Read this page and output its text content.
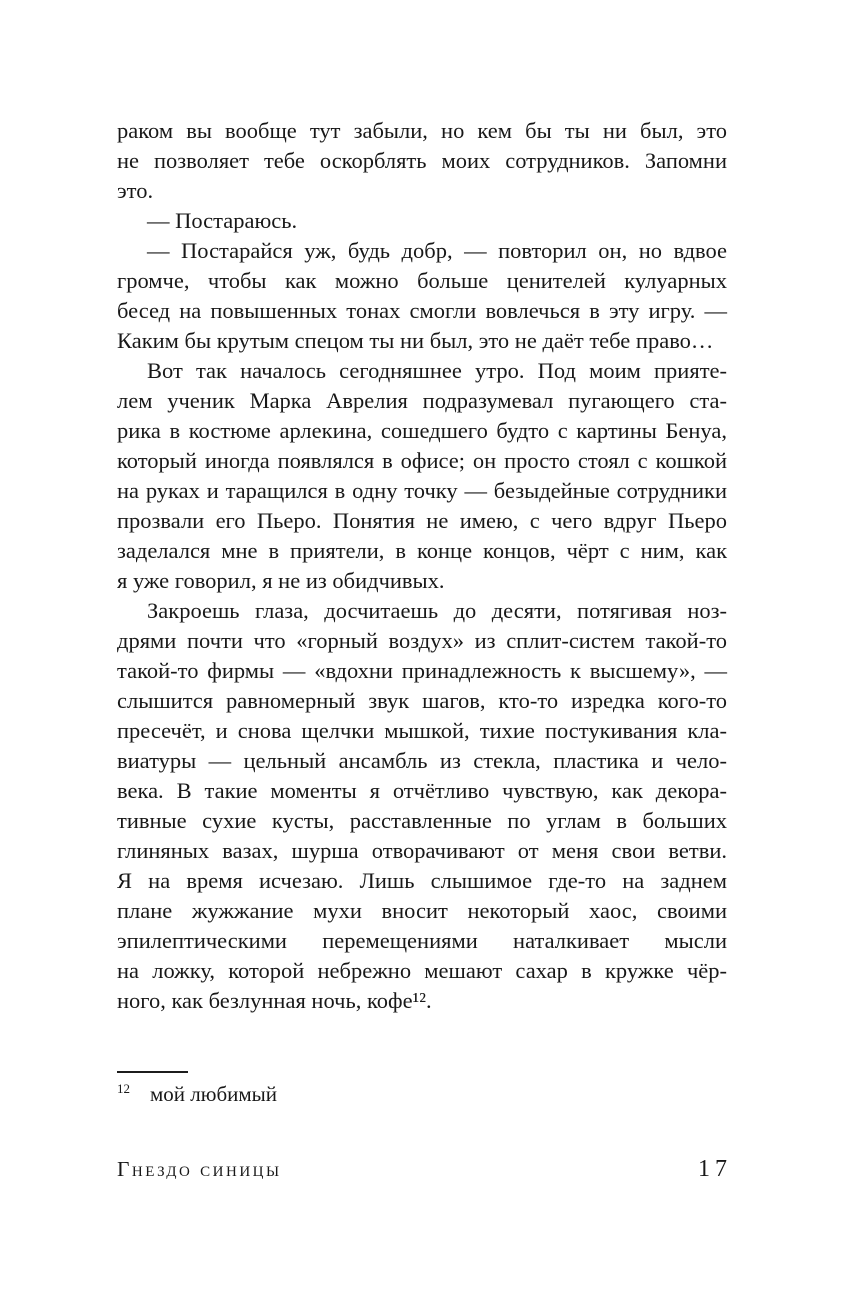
раком вы вообще тут забыли, но кем бы ты ни был, это
не позволяет тебе оскорблять моих сотрудников. Запомни
это.
— Постараюсь.
— Постарайся уж, будь добр, — повторил он, но вдвое
громче, чтобы как можно больше ценителей кулуарных
бесед на повышенных тонах смогли вовлечься в эту игру. —
Каким бы крутым спецом ты ни был, это не даёт тебе право…
Вот так началось сегодняшнее утро. Под моим прияте-
лем ученик Марка Аврелия подразумевал пугающего ста-
рика в костюме арлекина, сошедшего будто с картины Бенуа,
который иногда появлялся в офисе; он просто стоял с кошкой
на руках и таращился в одну точку — безыдейные сотрудники
прозвали его Пьеро. Понятия не имею, с чего вдруг Пьеро
заделался мне в приятели, в конце концов, чёрт с ним, как
я уже говорил, я не из обидчивых.
Закроешь глаза, досчитаешь до десяти, потягивая ноз-
дрями почти что «горный воздух» из сплит-систем такой-то
такой-то фирмы — «вдохни принадлежность к высшему», —
слышится равномерный звук шагов, кто-то изредка кого-то
пресечёт, и снова щелчки мышкой, тихие постукивания кла-
виатуры — цельный ансамбль из стекла, пластика и чело-
века. В такие моменты я отчётливо чувствую, как декора-
тивные сухие кусты, расставленные по углам в больших
глиняных вазах, шурша отворачивают от меня свои ветви.
Я на время исчезаю. Лишь слышимое где-то на заднем
плане жужжание мухи вносит некоторый хаос, своими
эпилептическими перемещениями наталкивает мысли
на ложку, которой небрежно мешают сахар в кружке чёр-
ного, как безлунная ночь, кофе¹².
$^{12}$ мой любимый
Гнездо синицы	17
